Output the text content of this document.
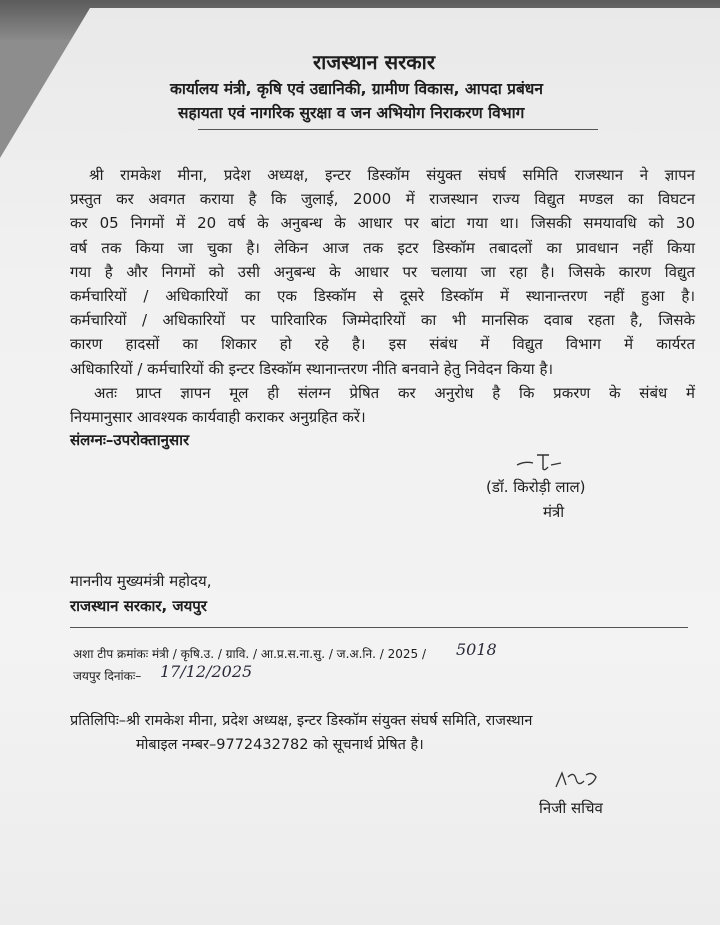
राजस्थान सरकार
कार्यालय मंत्री, कृषि एवं उद्यानिकी, ग्रामीण विकास, आपदा प्रबंधन
सहायता एवं नागरिक सुरक्षा व जन अभियोग निराकरण विभाग
श्री रामकेश मीना, प्रदेश अध्यक्ष, इन्टर डिस्कॉम संयुक्त संघर्ष समिति राजस्थान ने ज्ञापन
प्रस्तुत कर अवगत कराया है कि जुलाई, 2000 में राजस्थान राज्य विद्युत मण्डल का विघटन
कर 05 निगमों में 20 वर्ष के अनुबन्ध के आधार पर बांटा गया था। जिसकी समयावधि को 30
वर्ष तक किया जा चुका है। लेकिन आज तक इटर डिस्कॉम तबादलों का प्रावधान नहीं किया
गया है और निगमों को उसी अनुबन्ध के आधार पर चलाया जा रहा है। जिसके कारण विद्युत
कर्मचारियों / अधिकारियों का एक डिस्कॉम से दूसरे डिस्कॉम में स्थानान्तरण नहीं हुआ है।
कर्मचारियों / अधिकारियों पर पारिवारिक जिम्मेदारियों का भी मानसिक दवाब रहता है, जिसके
कारण हादसों का शिकार हो रहे है। इस संबंध में विद्युत विभाग में कार्यरत
अधिकारियों / कर्मचारियों की इन्टर डिस्कॉम स्थानान्तरण नीति बनवाने हेतु निवेदन किया है।
अतः प्राप्त ज्ञापन मूल ही संलग्न प्रेषित कर अनुरोध है कि प्रकरण के संबंध में
नियमानुसार आवश्यक कार्यवाही कराकर अनुग्रहित करें।
संलग्नः–उपरोक्तानुसार
(डॉ. किरोड़ी लाल)
मंत्री
माननीय मुख्यमंत्री महोदय,
राजस्थान सरकार, जयपुर
अशा टीप क्रमांकः मंत्री / कृषि.उ. / ग्रावि. / आ.प्र.स.ना.सु. / ज.अ.नि. / 2025 / 5018
जयपुर दिनांकः– 17/12/2025
प्रतिलिपिः–श्री रामकेश मीना, प्रदेश अध्यक्ष, इन्टर डिस्कॉम संयुक्त संघर्ष समिति, राजस्थान
मोबाइल नम्बर–9772432782 को सूचनार्थ प्रेषित है।
निजी सचिव
